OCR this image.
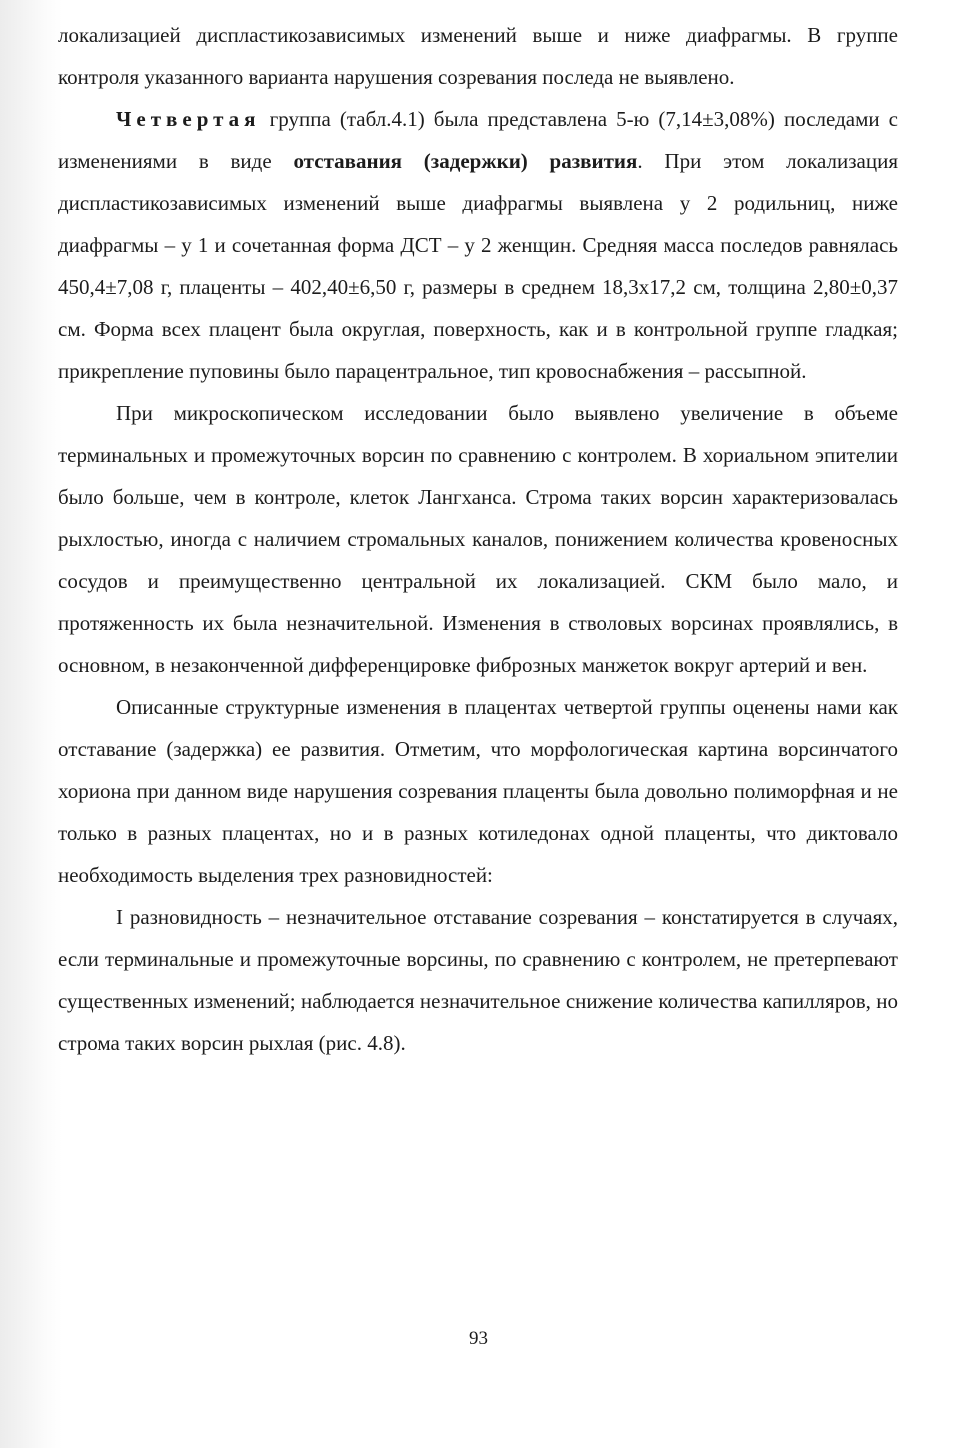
локализацией диспластикозависимых изменений выше и ниже диафрагмы. В группе контроля указанного варианта нарушения созревания последа не выявлено.

Четвертая группа (табл.4.1) была представлена 5-ю (7,14±3,08%) последами с изменениями в виде отставания (задержки) развития. При этом локализация диспластикозависимых изменений выше диафрагмы выявлена у 2 родильниц, ниже диафрагмы – у 1 и сочетанная форма ДСТ – у 2 женщин. Средняя масса последов равнялась 450,4±7,08 г, плаценты – 402,40±6,50 г, размеры в среднем 18,3х17,2 см, толщина 2,80±0,37 см. Форма всех плацент была округлая, поверхность, как и в контрольной группе гладкая; прикрепление пуповины было парацентральное, тип кровоснабжения – рассыпной.

При микроскопическом исследовании было выявлено увеличение в объеме терминальных и промежуточных ворсин по сравнению с контролем. В хориальном эпителии было больше, чем в контроле, клеток Лангханса. Строма таких ворсин характеризовалась рыхлостью, иногда с наличием стромальных каналов, понижением количества кровеносных сосудов и преимущественно центральной их локализацией. СКМ было мало, и протяженность их была незначительной. Изменения в стволовых ворсинах проявлялись, в основном, в незаконченной дифференцировке фиброзных манжеток вокруг артерий и вен.

Описанные структурные изменения в плацентах четвертой группы оценены нами как отставание (задержка) ее развития. Отметим, что морфологическая картина ворсинчатого хориона при данном виде нарушения созревания плаценты была довольно полиморфная и не только в разных плацентах, но и в разных котиледонах одной плаценты, что диктовало необходимость выделения трех разновидностей:

I разновидность – незначительное отставание созревания – констатируется в случаях, если терминальные и промежуточные ворсины, по сравнению с контролем, не претерпевают существенных изменений; наблюдается незначительное снижение количества капилляров, но строма таких ворсин рыхлая (рис. 4.8).

93
